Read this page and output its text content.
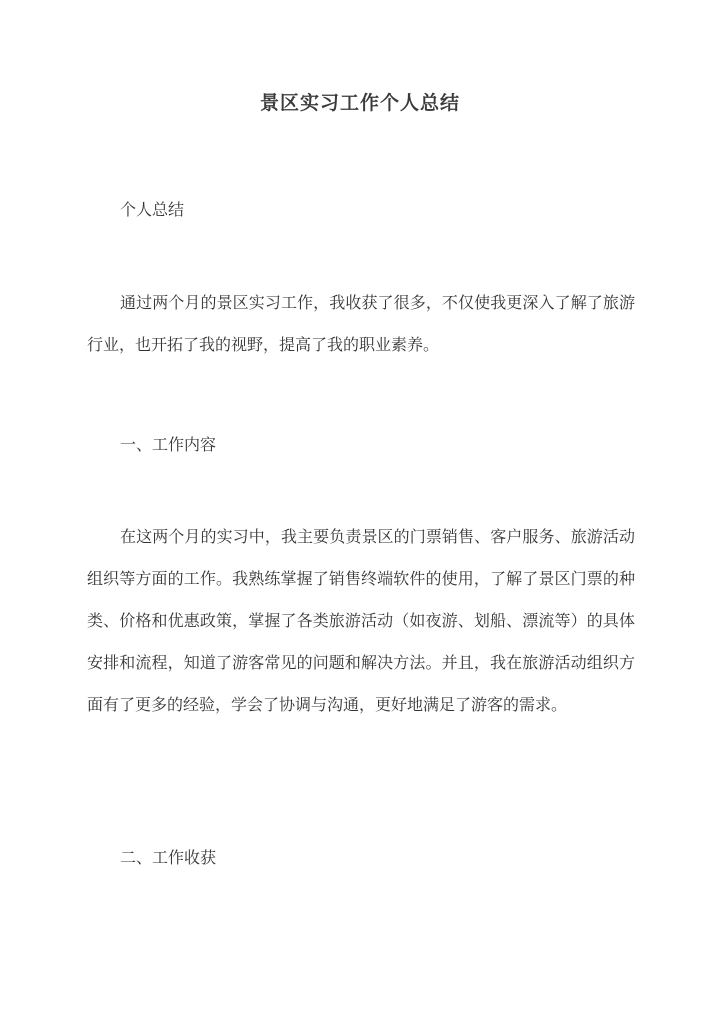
景区实习工作个人总结

个人总结

通过两个月的景区实习工作，我收获了很多，不仅使我更深入了解了旅游行业，也开拓了我的视野，提高了我的职业素养。

一、工作内容

在这两个月的实习中，我主要负责景区的门票销售、客户服务、旅游活动组织等方面的工作。我熟练掌握了销售终端软件的使用，了解了景区门票的种类、价格和优惠政策，掌握了各类旅游活动（如夜游、划船、漂流等）的具体安排和流程，知道了游客常见的问题和解决方法。并且，我在旅游活动组织方面有了更多的经验，学会了协调与沟通，更好地满足了游客的需求。

二、工作收获
